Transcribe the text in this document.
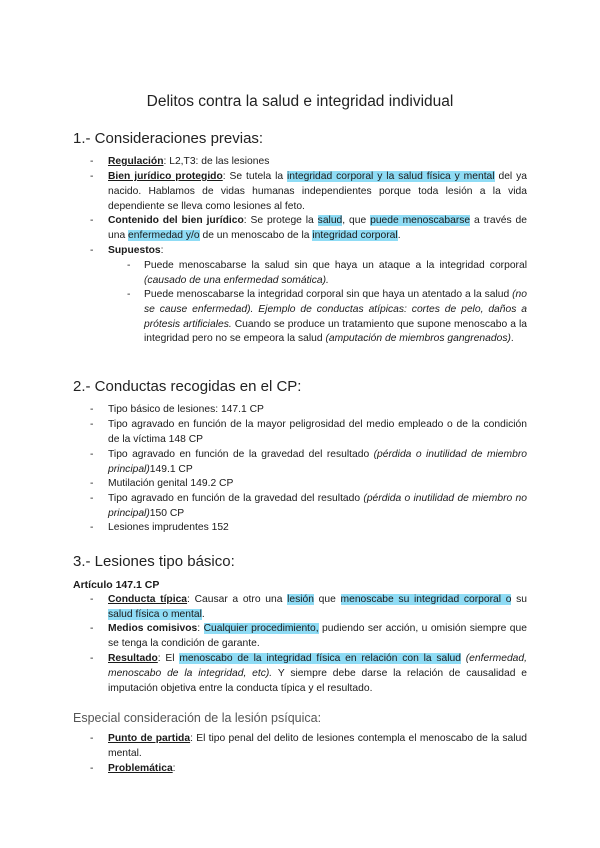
Delitos contra la salud e integridad individual
1.- Consideraciones previas:
- Regulación: L2,T3: de las lesiones
- Bien jurídico protegido: Se tutela la integridad corporal y la salud física y mental del ya nacido. Hablamos de vidas humanas independientes porque toda lesión a la vida dependiente se lleva como lesiones al feto.
- Contenido del bien jurídico: Se protege la salud, que puede menoscabarse a través de una enfermedad y/o de un menoscabo de la integridad corporal.
- Supuestos:
- Puede menoscabarse la salud sin que haya un ataque a la integridad corporal (causado de una enfermedad somática).
- Puede menoscabarse la integridad corporal sin que haya un atentado a la salud (no se cause enfermedad). Ejemplo de conductas atípicas: cortes de pelo, daños a prótesis artificiales. Cuando se produce un tratamiento que supone menoscabo a la integridad pero no se empeora la salud (amputación de miembros gangrenados).
2.- Conductas recogidas en el CP:
- Tipo básico de lesiones: 147.1 CP
- Tipo agravado en función de la mayor peligrosidad del medio empleado o de la condición de la víctima 148 CP
- Tipo agravado en función de la gravedad del resultado (pérdida o inutilidad de miembro principal)149.1 CP
- Mutilación genital 149.2 CP
- Tipo agravado en función de la gravedad del resultado (pérdida o inutilidad de miembro no principal)150 CP
- Lesiones imprudentes 152
3.- Lesiones tipo básico:
Artículo 147.1 CP
- Conducta típica: Causar a otro una lesión que menoscabe su integridad corporal o su salud física o mental.
- Medios comisivos: Cualquier procedimiento, pudiendo ser acción, u omisión siempre que se tenga la condición de garante.
- Resultado: El menoscabo de la integridad física en relación con la salud (enfermedad, menoscabo de la integridad, etc). Y siempre debe darse la relación de causalidad e imputación objetiva entre la conducta típica y el resultado.
Especial consideración de la lesión psíquica:
- Punto de partida: El tipo penal del delito de lesiones contempla el menoscabo de la salud mental.
- Problemática:
